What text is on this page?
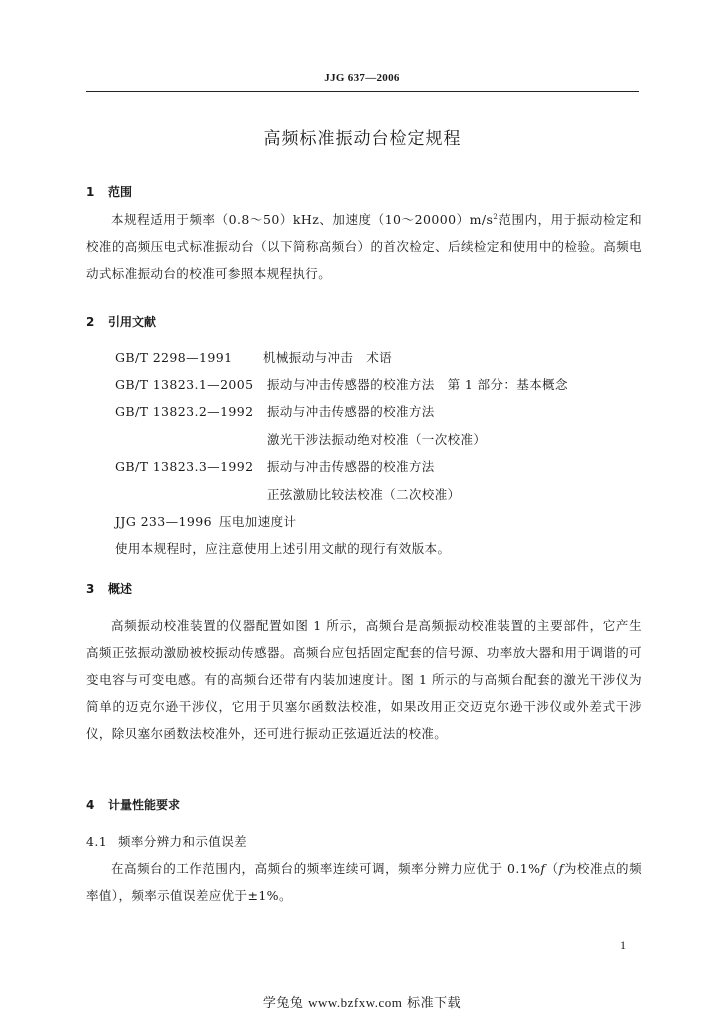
JJG 637—2006
高频标准振动台检定规程
1 范围

本规程适用于频率（0.8～50）kHz、加速度$(10\sim 20000)m/s^2$范围内，用于振动检定和校准的高频压电式标准振动台（以下简称高频台）的首次检定、后续检定和使用中的检验。高频电动式标准振动台的校准可参照本规程执行。

2 引用文献
GB/T 2298—1991 机械振动与冲击　术语
GB/T 13823.1—2005 振动与冲击传感器的校准方法　第 1 部分：基本概念
GB/T 13823.2—1992 振动与冲击传感器的校准方法
激光干涉法振动绝对校准（一次校准）
GB/T 13823.3—1992 振动与冲击传感器的校准方法
正弦激励比较法校准（二次校准）
JJG 233—1996 压电加速度计
使用本规程时，应注意使用上述引用文献的现行有效版本。
3 概述

高频振动校准装置的仪器配置如图 1 所示，高频台是高频振动校准装置的主要部件，它产生高频正弦振动激励被校振动传感器。高频台应包括固定配套的信号源、功率放大器和用于调谐的可变电容与可变电感。有的高频台还带有内装加速度计。图 1 所示的与高频台配套的激光干涉仪为简单的迈克尔逊干涉仪，它用于贝塞尔函数法校准，如果改用正交迈克尔逊干涉仪或外差式干涉仪，除贝塞尔函数法校准外，还可进行振动正弦逼近法的校准。

4 计量性能要求
4.1 频率分辨力和示值误差

在高频台的工作范围内，高频台的频率连续可调，频率分辨力应优于 0.1%f（f为校准点的频率值），频率示值误差应优于±1%。

1
学兔兔 www.bzfxw.com 标准下载
